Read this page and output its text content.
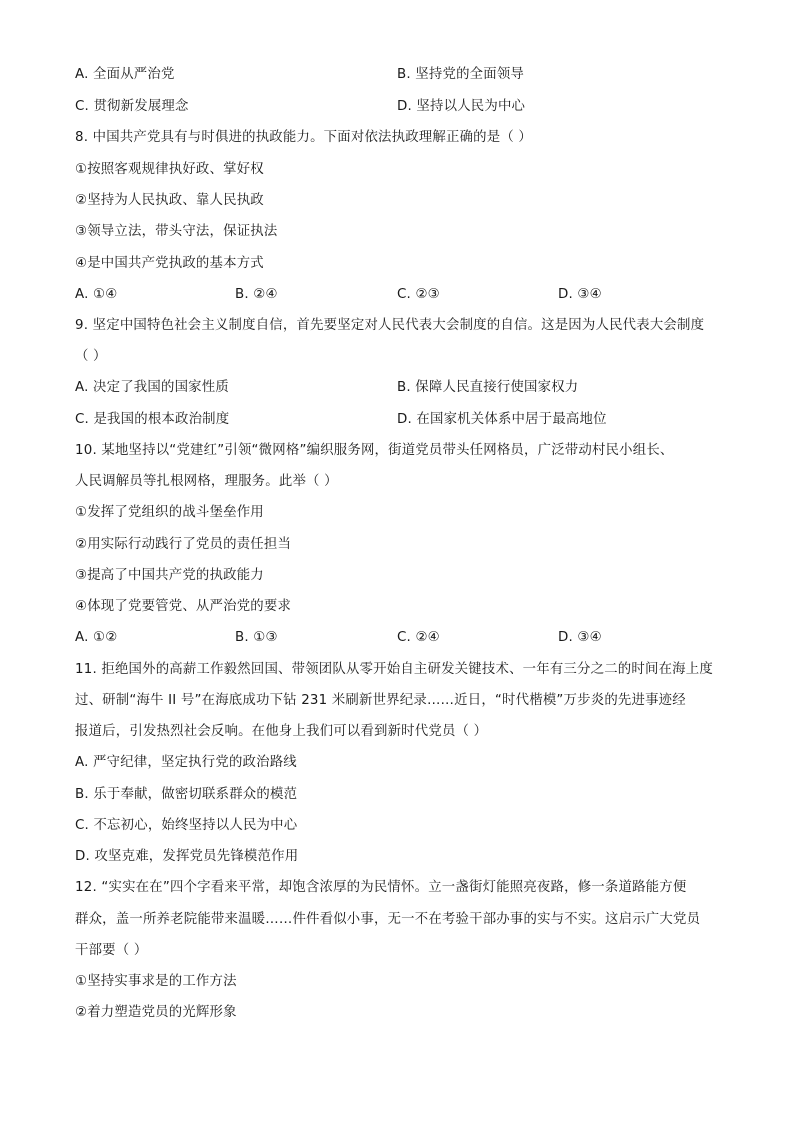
A. 全面从严治党	B. 坚持党的全面领导
C. 贯彻新发展理念	D. 坚持以人民为中心
8. 中国共产党具有与时俱进的执政能力。下面对依法执政理解正确的是（ ）
①按照客观规律执好政、掌好权
②坚持为人民执政、靠人民执政
③领导立法，带头守法，保证执法
④是中国共产党执政的基本方式
A. ①④	B. ②④	C. ②③	D. ③④
9. 坚定中国特色社会主义制度自信，首先要坚定对人民代表大会制度的自信。这是因为人民代表大会制度
（ ）
A. 决定了我国的国家性质	B. 保障人民直接行使国家权力
C. 是我国的根本政治制度	D. 在国家机关体系中居于最高地位
10. 某地坚持以“党建红”引领“微网格”编织服务网，街道党员带头任网格员，广泛带动村民小组长、
人民调解员等扎根网格，理服务。此举（ ）
①发挥了党组织的战斗堡垒作用
②用实际行动践行了党员的责任担当
③提高了中国共产党的执政能力
④体现了党要管党、从严治党的要求
A. ①②	B. ①③	C. ②④	D. ③④
11. 拒绝国外的高薪工作毅然回国、带领团队从零开始自主研发关键技术、一年有三分之二的时间在海上度
过、研制“海牛 II 号”在海底成功下钻 231 米刷新世界纪录……近日，“时代楷模”万步炎的先进事迹经
报道后，引发热烈社会反响。在他身上我们可以看到新时代党员（ ）
A. 严守纪律，坚定执行党的政治路线
B. 乐于奉献，做密切联系群众的模范
C. 不忘初心，始终坚持以人民为中心
D. 攻坚克难，发挥党员先锋模范作用
12. “实实在在”四个字看来平常，却饱含浓厚的为民情怀。立一盏街灯能照亮夜路，修一条道路能方便
群众，盖一所养老院能带来温暖……件件看似小事，无一不在考验干部办事的实与不实。这启示广大党员
干部要（ ）
①坚持实事求是的工作方法
②着力塑造党员的光辉形象
